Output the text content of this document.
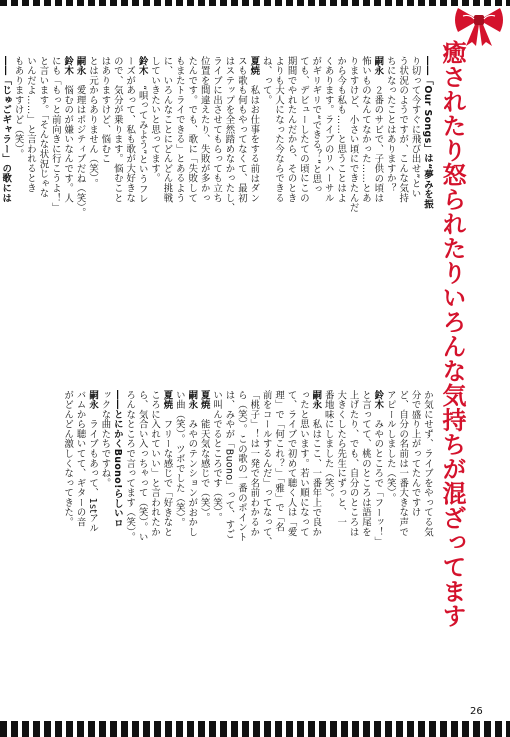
癒されたり怒られたりいろんな気持ちが混ざってます
――「Our Songs」は“夢みを振
り切って今すぐに飛び出せ”とい
う状況のようですが、こんな気持
ちになったことはありますか？
嗣永　２番のサビで、子供の頃は
怖いものなんてなかった……とあ
りますけど、小さい頃にできたんだ
から今も私も……と思うことはよ
くあります。ライブのリハーサル
がギリギリで“できる？”と思っ
ても、デビューしたての頃にこの
期間でやれたんだから、そのとき
よりも大人になった今ならできる
ね、って。
夏焼　私はお仕事をする前はダン
スも歌も何もやってなくて、最初
はステップを全然踏めなかったし、
ライブに出させてもらっても立ち
位置を間違えたり、失敗が多かっ
たんです。でも、歌に「失敗して
もまたトライできる」とあるよう
に、いろんなことにどんどん挑戦
していきたいと思ってます。
鈴木　“唄ってみよう”というフレ
ーズがあって、私も歌が大好きな
ので、気分が乗ります。悩むこと
はありますけど、悩むこ
とは元からありません（笑）。
嗣永　愛理はポジティブだね（笑）。
鈴木　悩むのが嫌いなんです。人
にも「もっと前向きに行こうよ！」
と言います。「そんな状況じゃな
いんだよ……」と言われるとき
もありますけど（笑）。
――「じゅごギャラー」の歌には
か気にせず、ライブをやってる気
分で盛り上がってたんですけ
ど、自分の名前は一番大きな声で
アピールしました（笑）。
鈴木　みやのところで「フーッ！」
と言ってて、桃のところは語尾を
上げたり、でも、自分のところは
大きくしたら先生にずっと、一
番地味にしました（笑）。
嗣永　私はここ、一番年上で良か
ったと思います。若い順になって
て、ライブで初めて聴く人は「愛
理」で「何これ？」「雅」で「名
前をコールするんだ」ってなって、
「桃子」！は一発で名前わかるか
ら（笑）。この歌の一番のポイント
は、みやが「Buono」って、すご
い叫んでるところです（笑）。
夏焼　能天気な感じで（笑）。
嗣永　みやのテンションがおかし
い曲（笑）。ツボでした（笑）。
夏焼　フリーな感じで「好きなと
ころに入れていい」と言われたか
ら、気合い入っちゃって（笑）。い
ろんなところで言ってます（笑）。
――とにかくBuono!らしいロ
ックな曲たちですね。
嗣永　ライブもあって、1stアル
バムから聴いてて、ギターの音
がどんどん激しくなってきた。
26
